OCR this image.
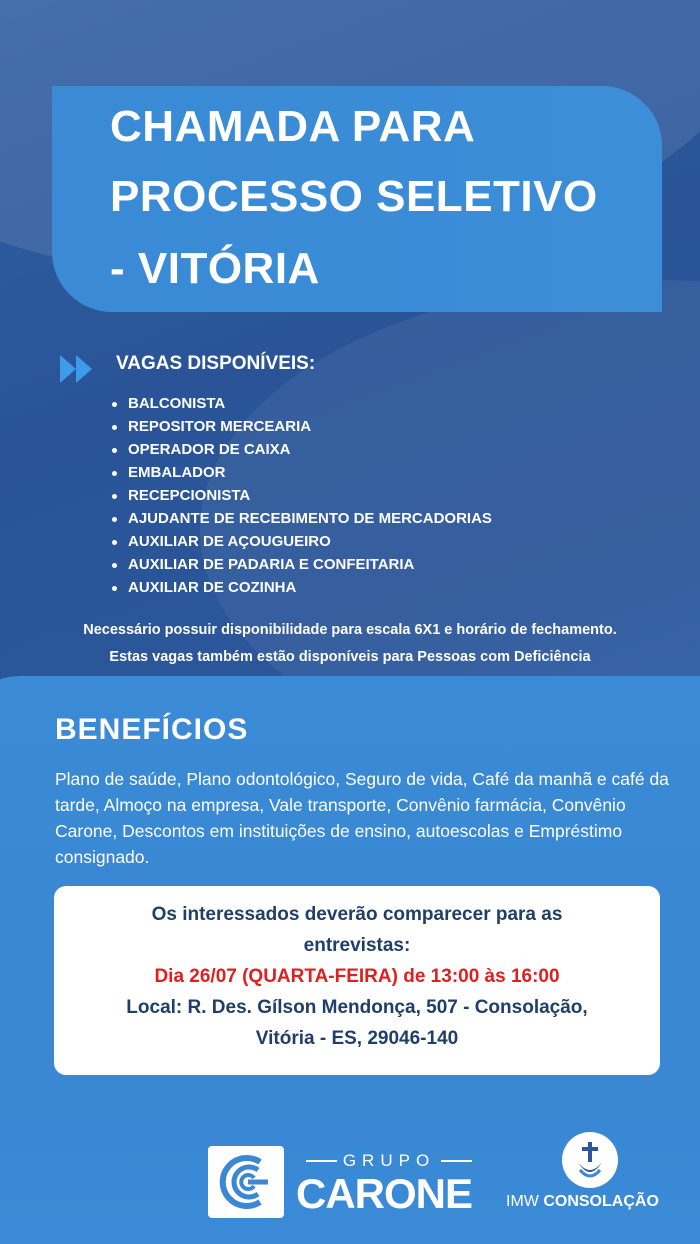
CHAMADA PARA
PROCESSO SELETIVO
- VITÓRIA
VAGAS DISPONÍVEIS:
BALCONISTA
REPOSITOR MERCEARIA
OPERADOR DE CAIXA
EMBALADOR
RECEPCIONISTA
AJUDANTE DE RECEBIMENTO DE MERCADORIAS
AUXILIAR DE AÇOUGUEIRO
AUXILIAR DE PADARIA E CONFEITARIA
AUXILIAR DE COZINHA
Necessário possuir disponibilidade para escala 6X1 e horário de fechamento.
Estas vagas também estão disponíveis para Pessoas com Deficiência
BENEFÍCIOS
Plano de saúde, Plano odontológico, Seguro de vida, Café da manhã e café da tarde, Almoço na empresa, Vale transporte, Convênio farmácia, Convênio Carone, Descontos em instituições de ensino, autoescolas e Empréstimo consignado.
Os interessados deverão comparecer para as
entrevistas:
Dia 26/07 (QUARTA-FEIRA) de 13:00 às 16:00
Local: R. Des. Gílson Mendonça, 507 - Consolação,
Vitória - ES, 29046-140
GRUPO
CARONE IMW CONSOLAÇÃO
